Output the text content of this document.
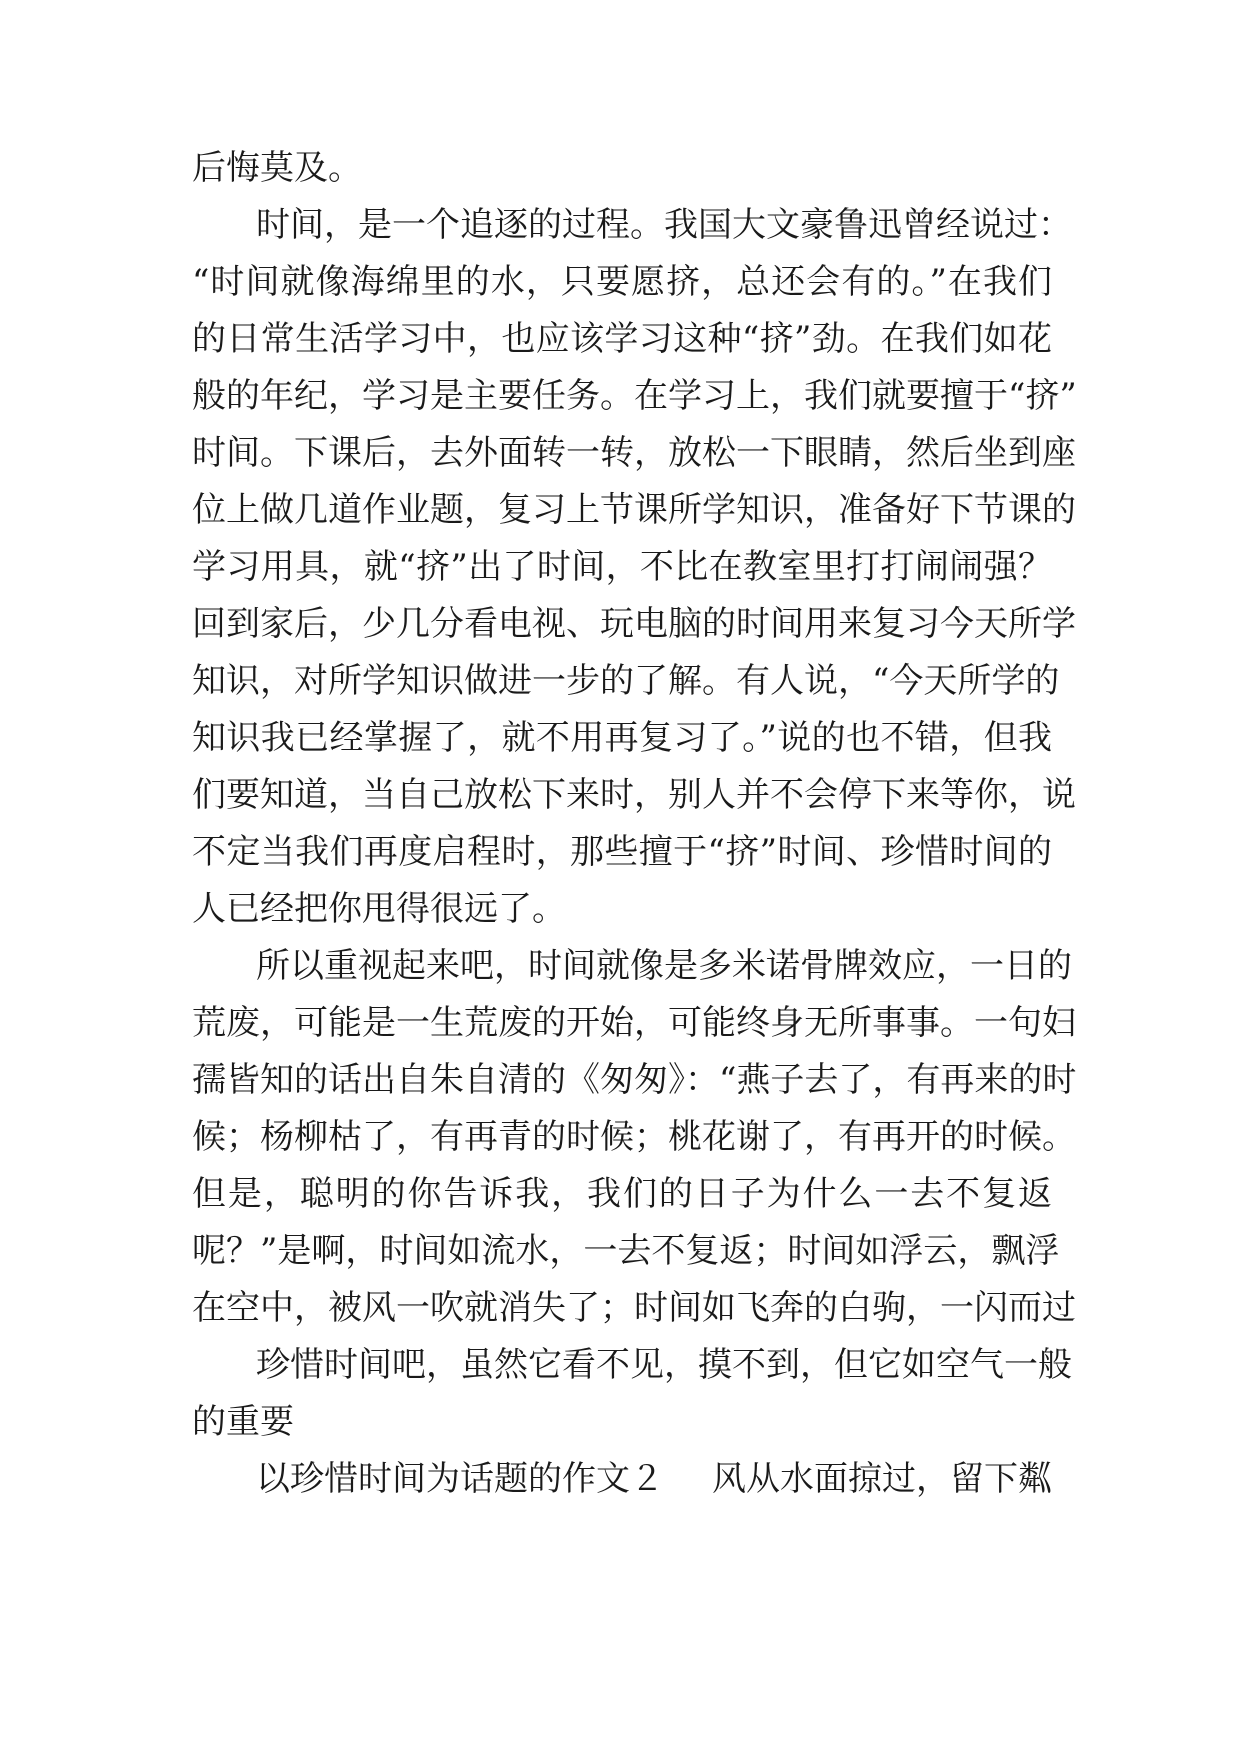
后悔莫及。
时间，是一个追逐的过程。我国大文豪鲁迅曾经说过：
“时间就像海绵里的水，只要愿挤，总还会有的。”在我们
的日常生活学习中，也应该学习这种“挤”劲。在我们如花
般的年纪，学习是主要任务。在学习上，我们就要擅于“挤”
时间。下课后，去外面转一转，放松一下眼睛，然后坐到座
位上做几道作业题，复习上节课所学知识，准备好下节课的
学习用具，就“挤”出了时间，不比在教室里打打闹闹强？
回到家后，少几分看电视、玩电脑的时间用来复习今天所学
知识，对所学知识做进一步的了解。有人说，“今天所学的
知识我已经掌握了，就不用再复习了。”说的也不错，但我
们要知道，当自己放松下来时，别人并不会停下来等你，说
不定当我们再度启程时，那些擅于“挤”时间、珍惜时间的
人已经把你甩得很远了。
所以重视起来吧，时间就像是多米诺骨牌效应，一日的
荒废，可能是一生荒废的开始，可能终身无所事事。一句妇
孺皆知的话出自朱自清的《匆匆》：“燕子去了，有再来的时
候；杨柳枯了，有再青的时候；桃花谢了，有再开的时候。
但是，聪明的你告诉我，我们的日子为什么一去不复返
呢？”是啊，时间如流水，一去不复返；时间如浮云，飘浮
在空中，被风一吹就消失了；时间如飞奔的白驹，一闪而过
珍惜时间吧，虽然它看不见，摸不到，但它如空气一般
的重要
以珍惜时间为话题的作文２ 风从水面掠过，留下粼
